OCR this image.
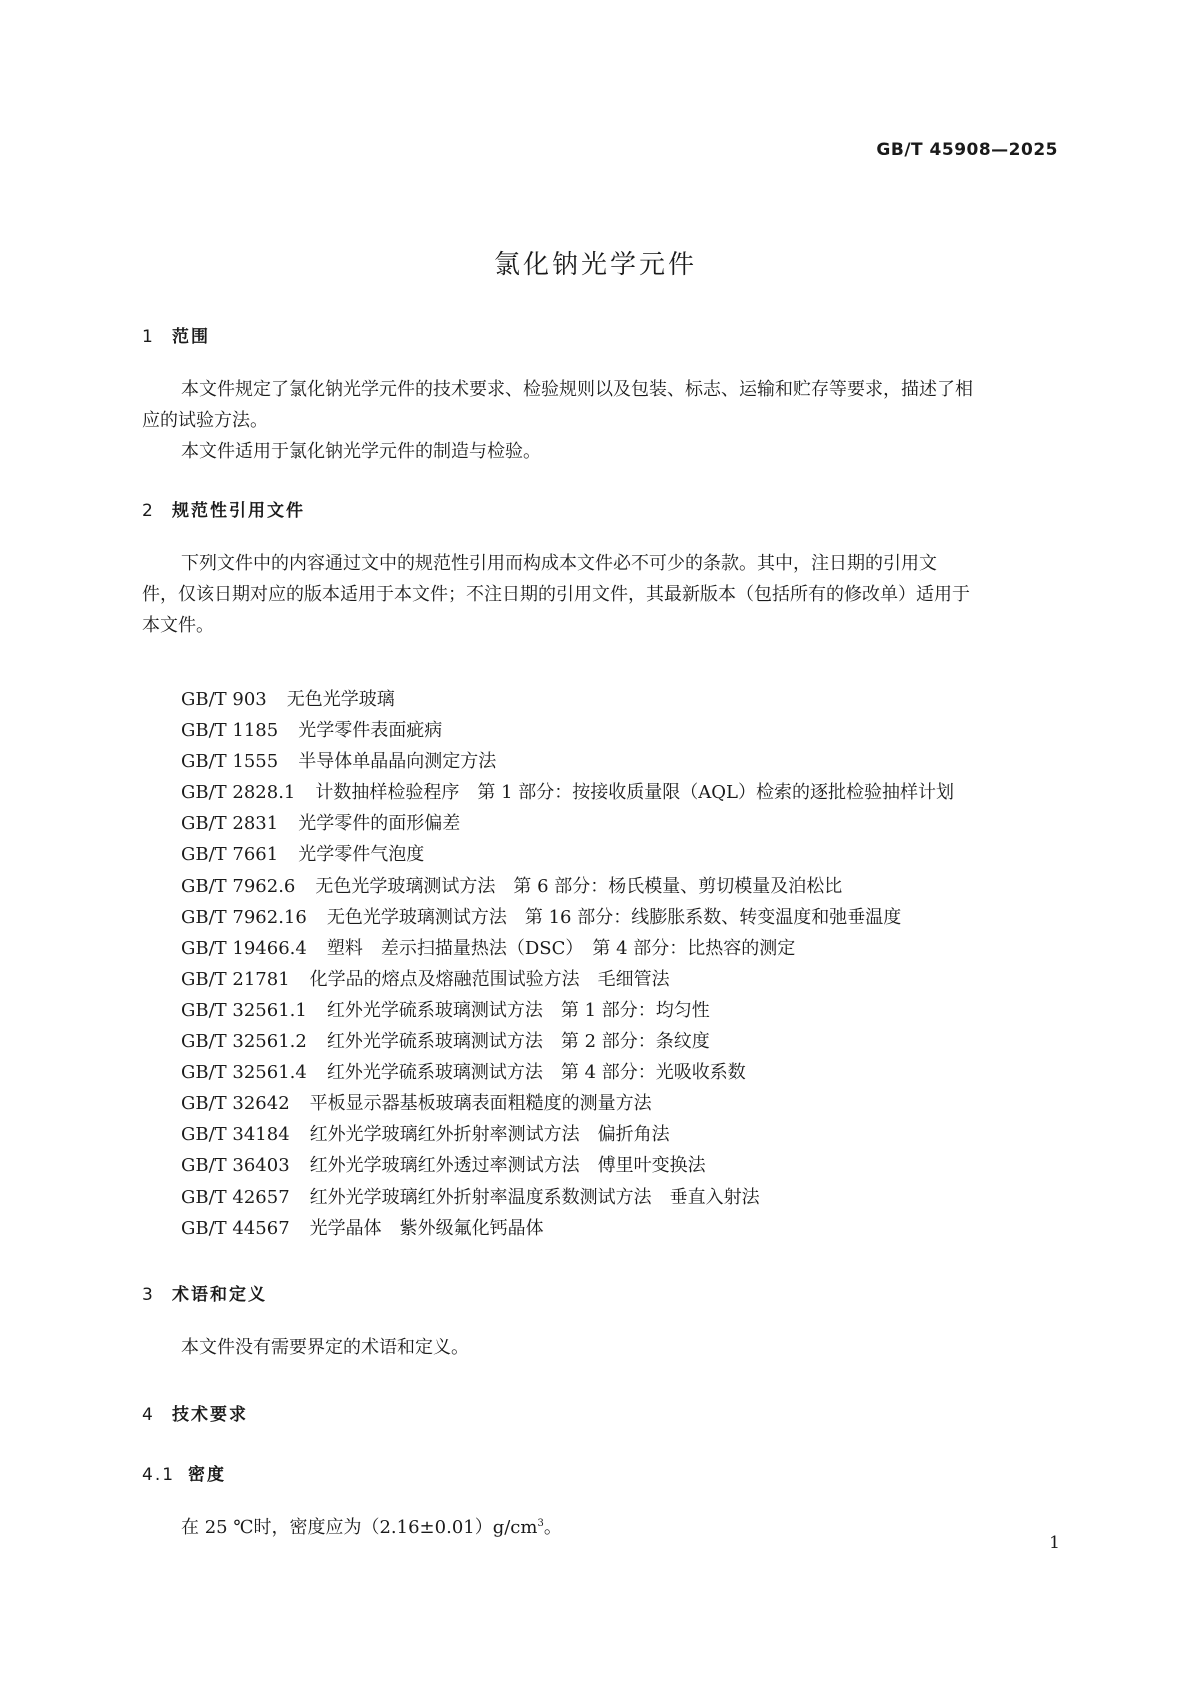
GB/T 45908—2025
氯化钠光学元件
1 范围
本文件规定了氯化钠光学元件的技术要求、检验规则以及包装、标志、运输和贮存等要求，描述了相
应的试验方法。
本文件适用于氯化钠光学元件的制造与检验。
2 规范性引用文件
下列文件中的内容通过文中的规范性引用而构成本文件必不可少的条款。其中，注日期的引用文
件，仅该日期对应的版本适用于本文件；不注日期的引用文件，其最新版本（包括所有的修改单）适用于
本文件。
GB/T 903 无色光学玻璃
GB/T 1185 光学零件表面疵病
GB/T 1555 半导体单晶晶向测定方法
GB/T 2828.1 计数抽样检验程序　第 1 部分：按接收质量限（AQL）检索的逐批检验抽样计划
GB/T 2831 光学零件的面形偏差
GB/T 7661 光学零件气泡度
GB/T 7962.6 无色光学玻璃测试方法　第 6 部分：杨氏模量、剪切模量及泊松比
GB/T 7962.16 无色光学玻璃测试方法　第 16 部分：线膨胀系数、转变温度和弛垂温度
GB/T 19466.4 塑料　差示扫描量热法（DSC）　第 4 部分：比热容的测定
GB/T 21781 化学品的熔点及熔融范围试验方法　毛细管法
GB/T 32561.1 红外光学硫系玻璃测试方法　第 1 部分：均匀性
GB/T 32561.2 红外光学硫系玻璃测试方法　第 2 部分：条纹度
GB/T 32561.4 红外光学硫系玻璃测试方法　第 4 部分：光吸收系数
GB/T 32642 平板显示器基板玻璃表面粗糙度的测量方法
GB/T 34184 红外光学玻璃红外折射率测试方法　偏折角法
GB/T 36403 红外光学玻璃红外透过率测试方法　傅里叶变换法
GB/T 42657 红外光学玻璃红外折射率温度系数测试方法　垂直入射法
GB/T 44567 光学晶体　紫外级氟化钙晶体
3 术语和定义
本文件没有需要界定的术语和定义。
4 技术要求
4.1 密度
在 25 ℃时，密度应为$(2.16\pm 0.01)g/cm^3$。
1
